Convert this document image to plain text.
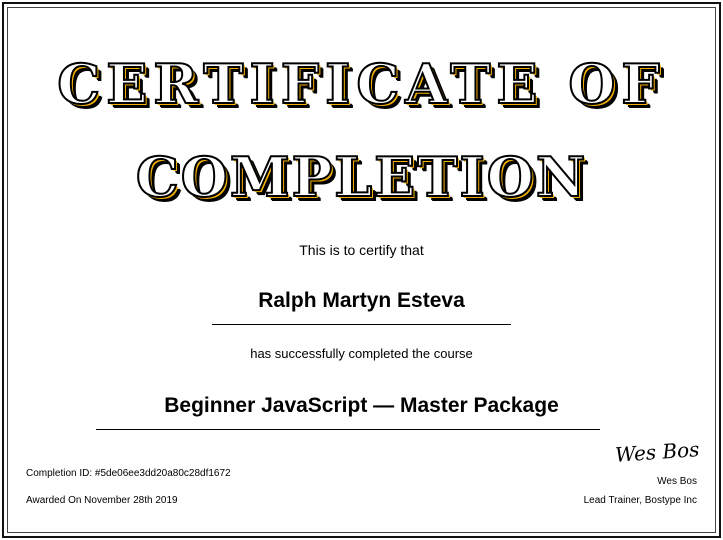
CERTIFICATE OF
COMPLETION
This is to certify that
Ralph Martyn Esteva
has successfully completed the course
Beginner JavaScript — Master Package
Completion ID: #5de06ee3dd20a80c28df1672
Awarded On November 28th 2019
Wes Bos
Wes Bos
Lead Trainer, Bostype Inc
